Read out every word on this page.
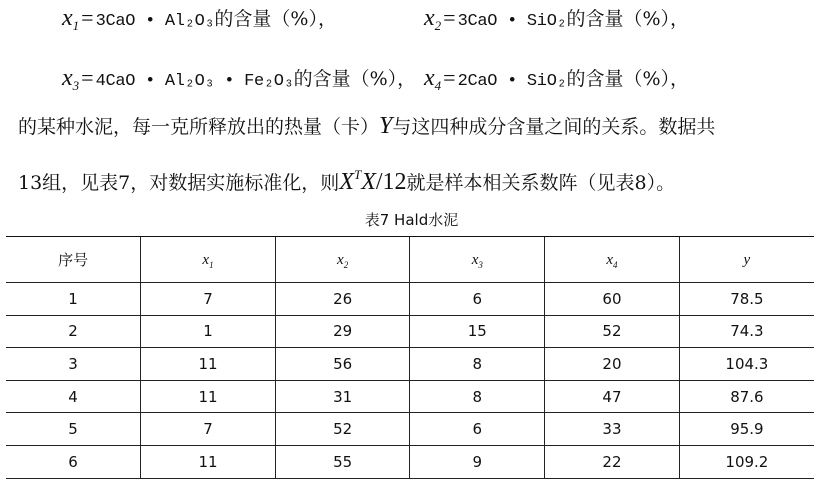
$x_1= 3CaO$ • Al₂O₃的含量（%），	$x_2= 3CaO$ • SiO₂的含量（%），
$x_3= 4CaO$ • Al₂O₃ • Fe₂O₃的含量（%）， $x_4= 2CaO$ • SiO₂的含量（%），
的某种水泥，每一克所释放出的热量（卡）Y与这四种成分含量之间的关系。数据共
13组，见表7，对数据实施标准化，则$X^TX/12$就是样本相关系数阵（见表8）。
表7 Hald水泥
序号	$x_1$	$x_2$	$x_3$	$x_4$	y
1	7	26	6	60	78.5
2	1	29	15	52	74.3
3	11	56	8	20	104.3
4	11	31	8	47	87.6
5	7	52	6	33	95.9
6	11	55	9	22	109.2
